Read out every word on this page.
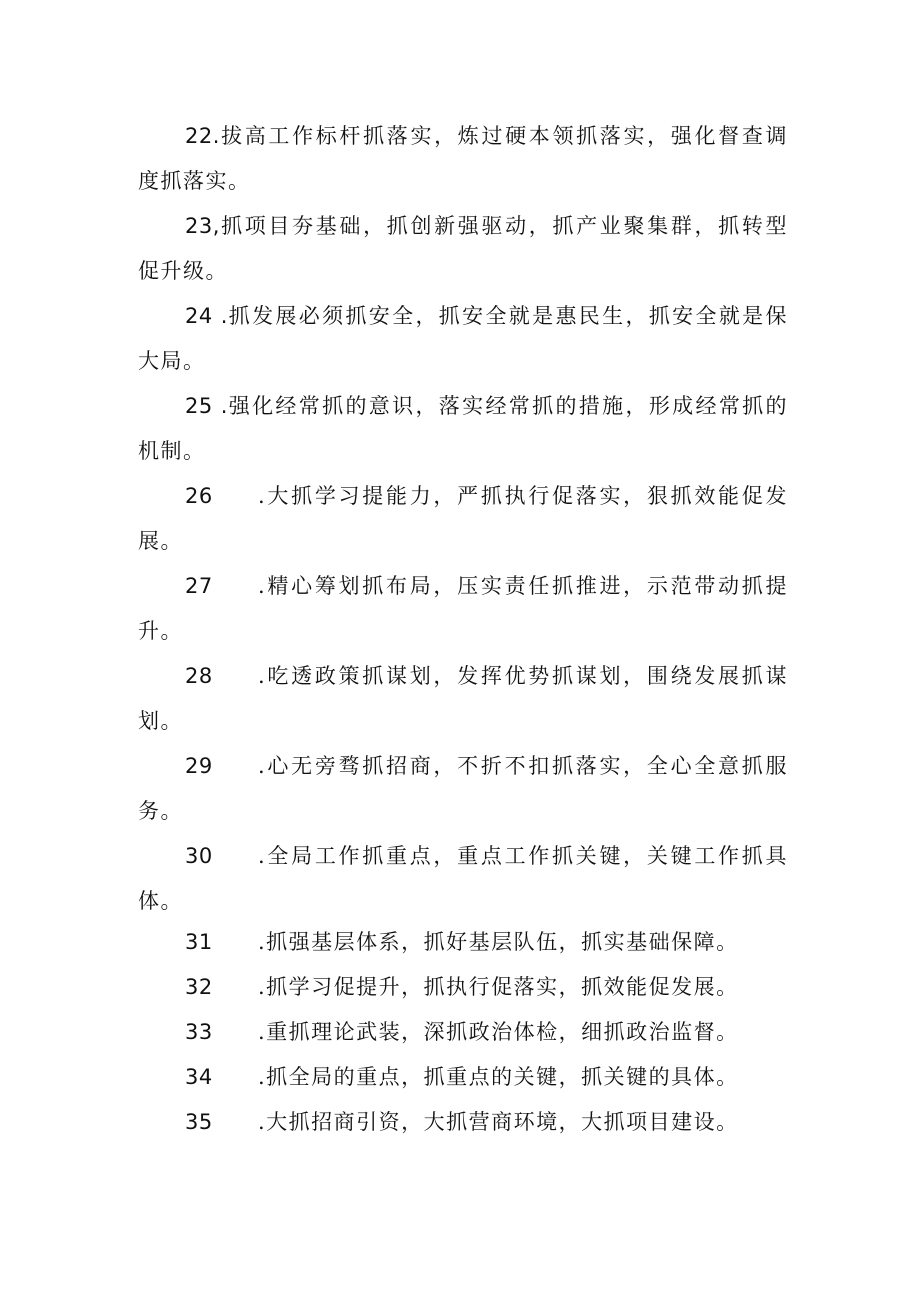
22.拔高工作标杆抓落实，炼过硬本领抓落实，强化督查调
度抓落实。
23,抓项目夯基础，抓创新强驱动，抓产业聚集群，抓转型
促升级。
24 .抓发展必须抓安全，抓安全就是惠民生，抓安全就是保
大局。
25 .强化经常抓的意识，落实经常抓的措施，形成经常抓的
机制。
26 .大抓学习提能力，严抓执行促落实，狠抓效能促发
展。
27 .精心筹划抓布局，压实责任抓推进，示范带动抓提
升。
28 .吃透政策抓谋划，发挥优势抓谋划，围绕发展抓谋
划。
29 .心无旁骛抓招商，不折不扣抓落实，全心全意抓服
务。
30 .全局工作抓重点，重点工作抓关键，关键工作抓具
体。
31 .抓强基层体系，抓好基层队伍，抓实基础保障。
32 .抓学习促提升，抓执行促落实，抓效能促发展。
33 .重抓理论武装，深抓政治体检，细抓政治监督。
34 .抓全局的重点，抓重点的关键，抓关键的具体。
35 .大抓招商引资，大抓营商环境，大抓项目建设。
